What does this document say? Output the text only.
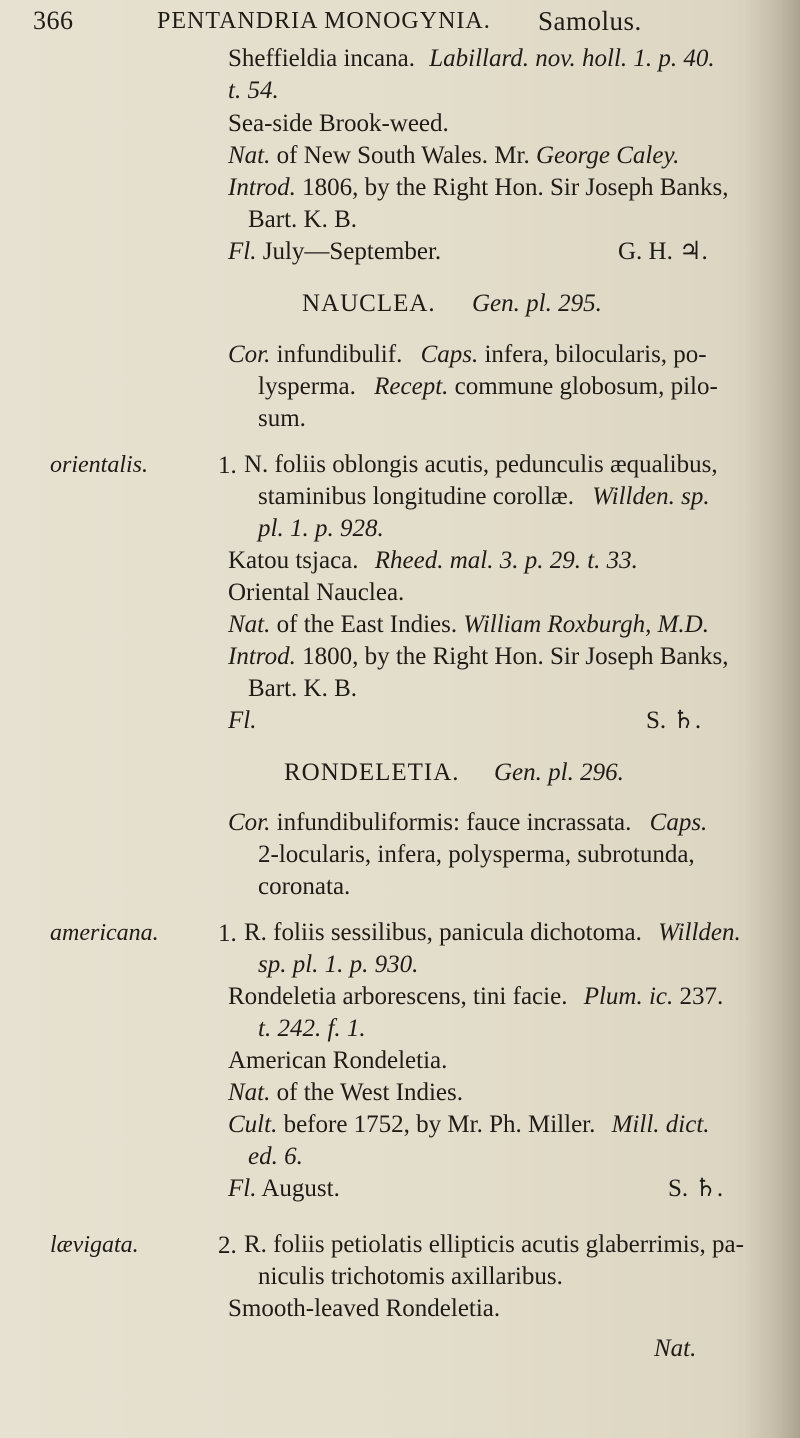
366	PENTANDRIA MONOGYNIA. Samolus.
Sheffieldia incana. Labillard. nov. holl. 1. p. 40.
t. 54.
Sea-side Brook-weed.
Nat. of New South Wales. Mr. George Caley.
Introd. 1806, by the Right Hon. Sir Joseph Banks,
Bart. K. B.
Fl. July—September.	G. H. ♃.
NAUCLEA. Gen. pl. 295.
Cor. infundibulif. Caps. infera, bilocularis, po-
lysperma. Recept. commune globosum, pilo-
sum.
orientalis.	1. N. foliis oblongis acutis, pedunculis æqualibus,
staminibus longitudine corollæ. Willden. sp.
pl. 1. p. 928.
Katou tsjaca. Rheed. mal. 3. p. 29. t. 33.
Oriental Nauclea.
Nat. of the East Indies. William Roxburgh, M.D.
Introd. 1800, by the Right Hon. Sir Joseph Banks,
Bart. K. B.
Fl.	S. ♄.
RONDELETIA. Gen. pl. 296.
Cor. infundibuliformis: fauce incrassata. Caps.
2-locularis, infera, polysperma, subrotunda,
coronata.
americana. 1. R. foliis sessilibus, panicula dichotoma. Willden.
sp. pl. 1. p. 930.
Rondeletia arborescens, tini facie. Plum. ic. 237.
t. 242. f. 1.
American Rondeletia.
Nat. of the West Indies.
Cult. before 1752, by Mr. Ph. Miller. Mill. dict.
ed. 6.
Fl. August.	S. ♄.
lævigata.	2. R. foliis petiolatis ellipticis acutis glaberrimis, pa-
niculis trichotomis axillaribus.
Smooth-leaved Rondeletia.
Nat.
